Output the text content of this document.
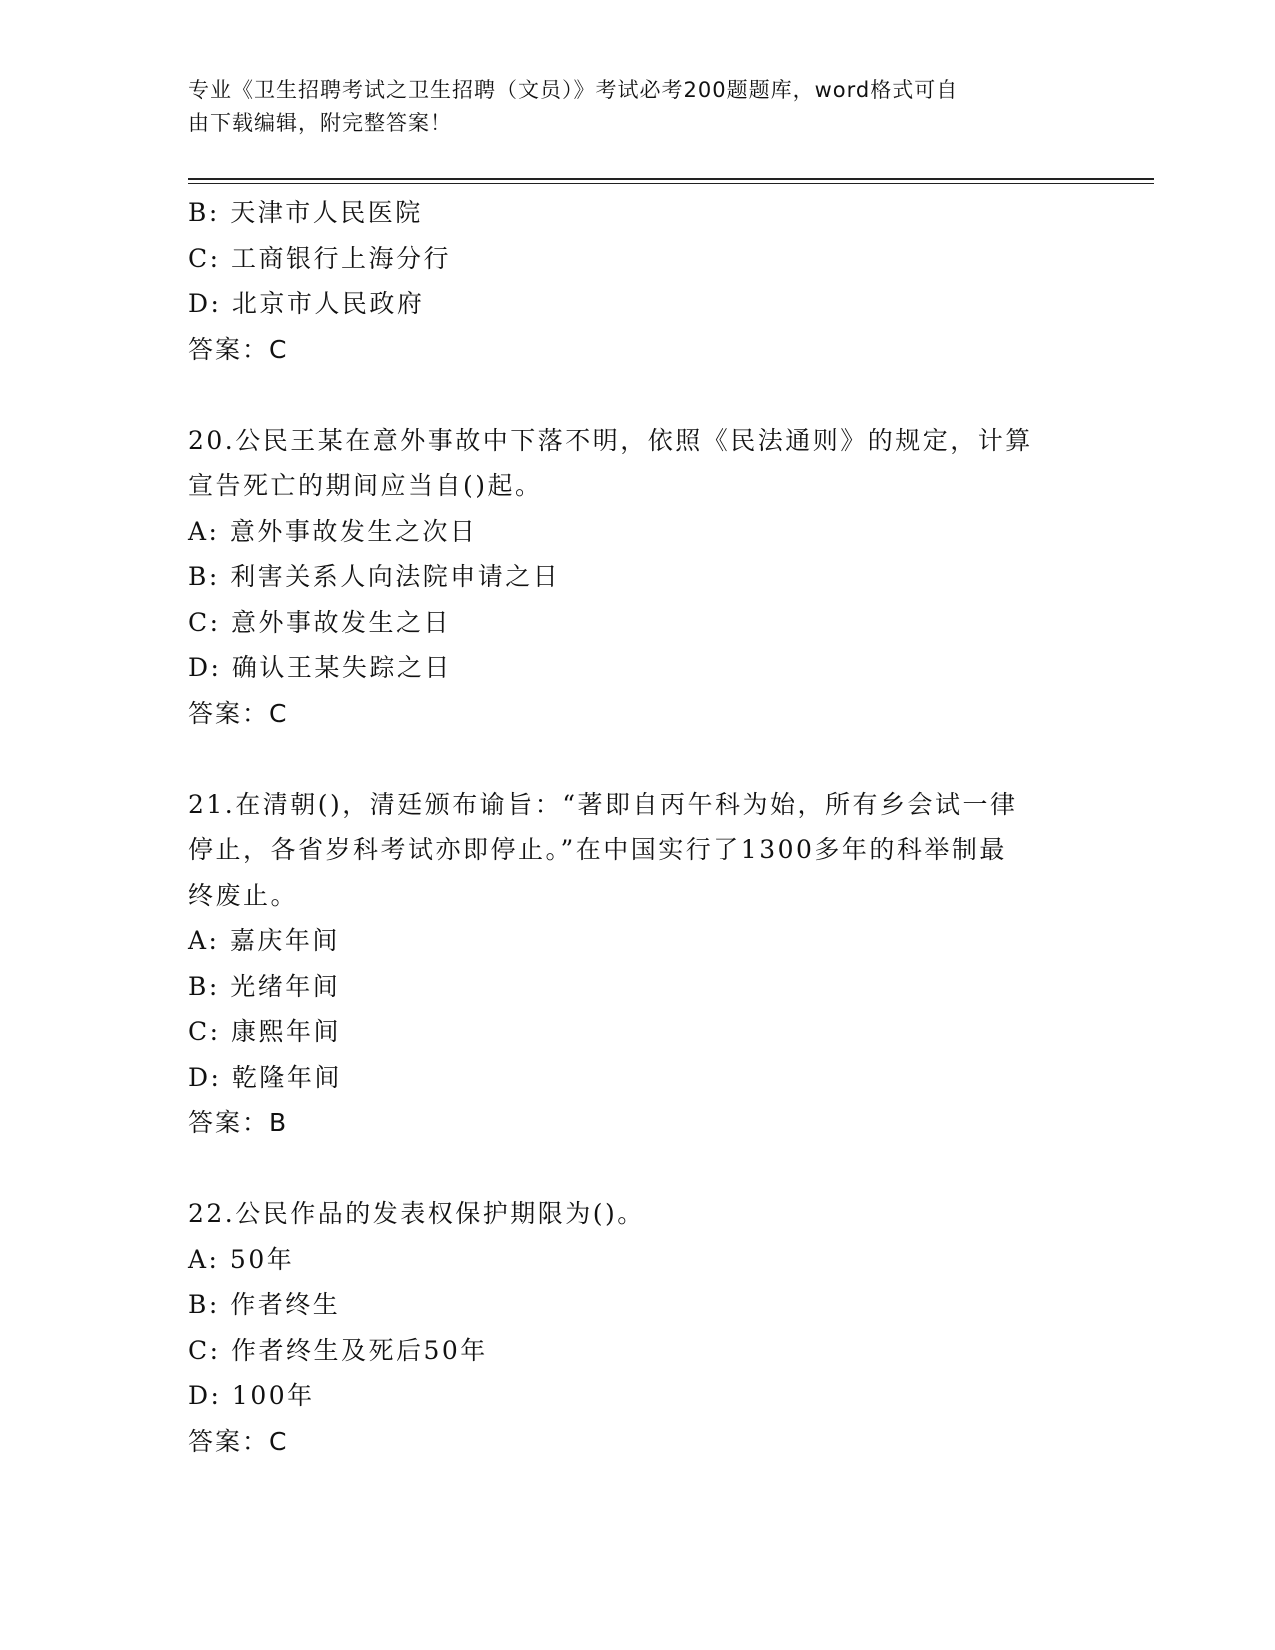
专业《卫生招聘考试之卫生招聘（文员）》考试必考200题题库，word格式可自
由下载编辑，附完整答案！
B: 天津市人民医院
C: 工商银行上海分行
D: 北京市人民政府
答案：C
20.公民王某在意外事故中下落不明，依照《民法通则》的规定，计算
宣告死亡的期间应当自()起。
A: 意外事故发生之次日
B: 利害关系人向法院申请之日
C: 意外事故发生之日
D: 确认王某失踪之日
答案：C
21.在清朝()，清廷颁布谕旨：“著即自丙午科为始，所有乡会试一律
停止，各省岁科考试亦即停止。”在中国实行了1300多年的科举制最
终废止。
A: 嘉庆年间
B: 光绪年间
C: 康熙年间
D: 乾隆年间
答案：B
22.公民作品的发表权保护期限为()。
A: 50年
B: 作者终生
C: 作者终生及死后50年
D: 100年
答案：C
